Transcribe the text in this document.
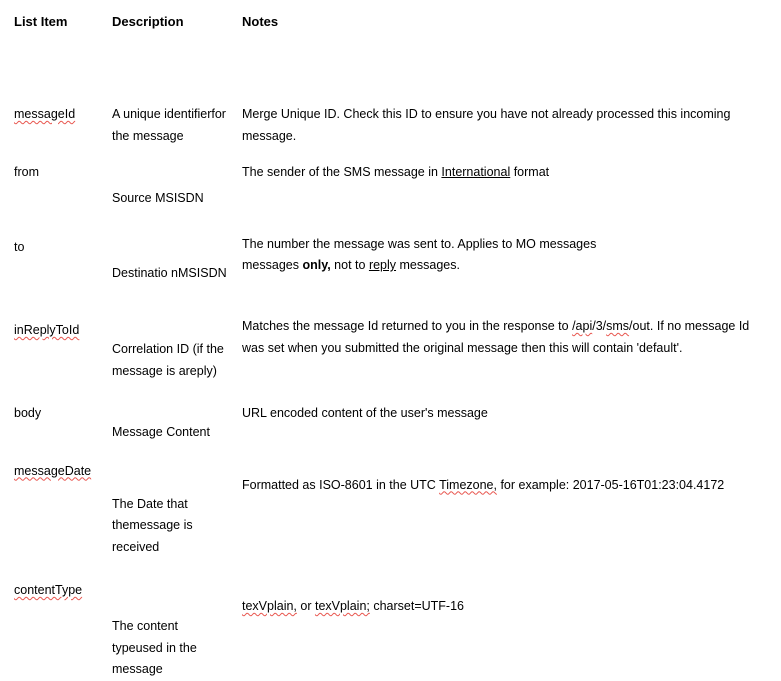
List Item	Description	Notes
messageId	A unique identifierfor the message	Merge Unique ID. Check this ID to ensure you have not already processed this incoming message.
from	Source MSISDN	The sender of the SMS message in International format
to	Destinatio nMSISDN	The number the message was sent to. Applies to MO messages
messages only, not to reply messages.

inReplyToId	Correlation ID (if the message is areply)	Matches the message Id returned to you in the response to /api/3/sms/out. If no message Id
was set when you submitted the original message then this will contain 'default'.

body	Message Content	URL encoded content of the user's message
messageDate	The Date that themessage is received	Formatted as ISO-8601 in the UTC Timezone, for example: 2017-05-16T01:23:04.4172
contentType	The content typeused in the message	texVplain, or texVplain; charset=UTF-16
